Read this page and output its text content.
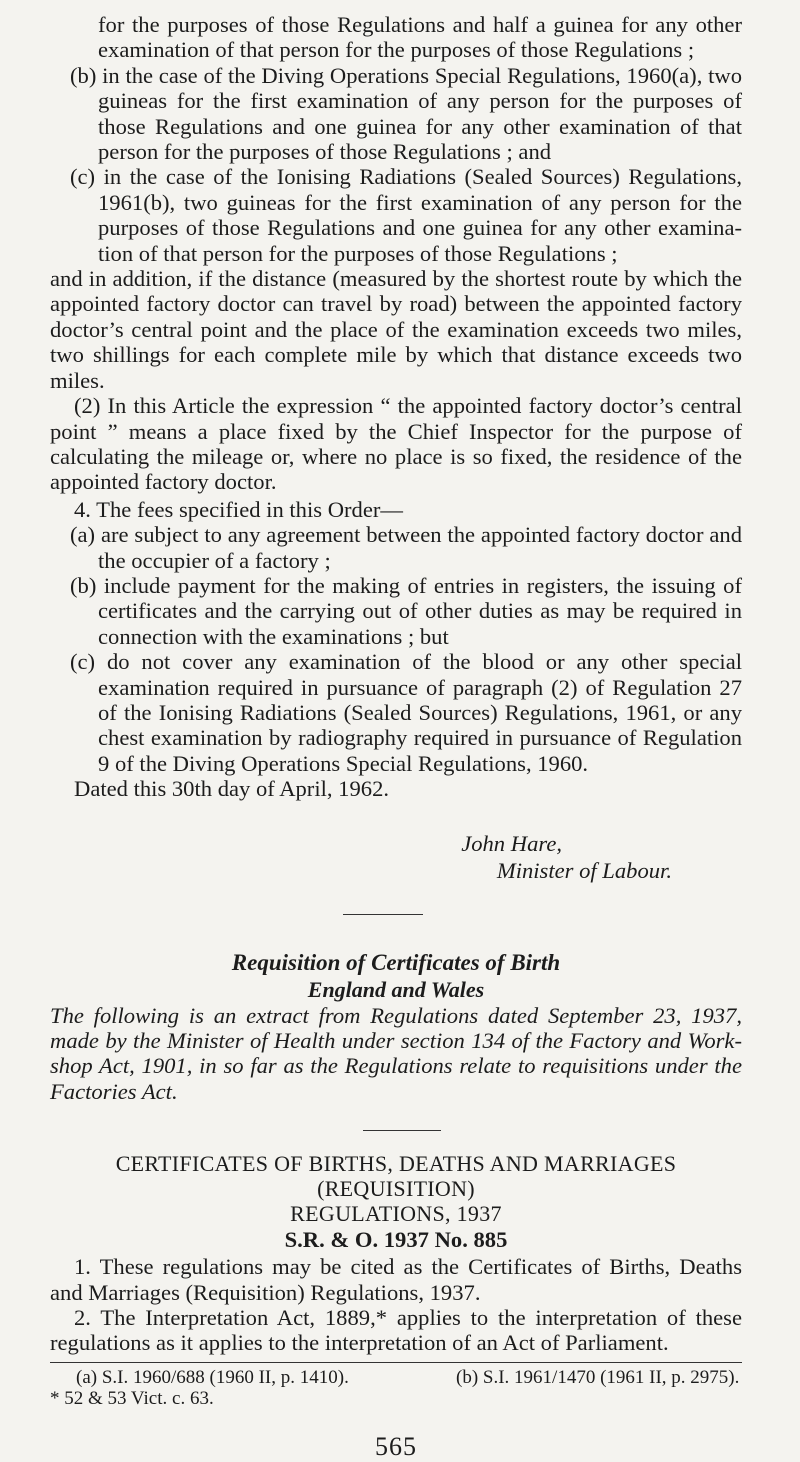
for the purposes of those Regulations and half a guinea for any other examination of that person for the purposes of those Regulations ;

(b) in the case of the Diving Operations Special Regulations, 1960(a), two guineas for the first examination of any person for the purposes of those Regulations and one guinea for any other examination of that person for the purposes of those Regulations ; and

(c) in the case of the Ionising Radiations (Sealed Sources) Regulations, 1961(b), two guineas for the first examination of any person for the purposes of those Regulations and one guinea for any other examina-tion of that person for the purposes of those Regulations ;

and in addition, if the distance (measured by the shortest route by which the appointed factory doctor can travel by road) between the appointed factory doctor’s central point and the place of the examination exceeds two miles, two shillings for each complete mile by which that distance exceeds two miles.

(2) In this Article the expression “ the appointed factory doctor’s central point ” means a place fixed by the Chief Inspector for the purpose of calculating the mileage or, where no place is so fixed, the residence of the appointed factory doctor.

4. The fees specified in this Order—

(a) are subject to any agreement between the appointed factory doctor and the occupier of a factory ;

(b) include payment for the making of entries in registers, the issuing of certificates and the carrying out of other duties as may be required in connection with the examinations ; but

(c) do not cover any examination of the blood or any other special examination required in pursuance of paragraph (2) of Regulation 27 of the Ionising Radiations (Sealed Sources) Regulations, 1961, or any chest examination by radiography required in pursuance of Regulation 9 of the Diving Operations Special Regulations, 1960.

Dated this 30th day of April, 1962.

John Hare,
Minister of Labour.
Requisition of Certificates of Birth
England and Wales

The following is an extract from Regulations dated September 23, 1937, made by the Minister of Health under section 134 of the Factory and Work-shop Act, 1901, in so far as the Regulations relate to requisitions under the Factories Act.

CERTIFICATES OF BIRTHS, DEATHS AND MARRIAGES (REQUISITION)
REGULATIONS, 1937
S.R. & O. 1937 No. 885

1. These regulations may be cited as the Certificates of Births, Deaths and Marriages (Requisition) Regulations, 1937.

2. The Interpretation Act, 1889,* applies to the interpretation of these regulations as it applies to the interpretation of an Act of Parliament.

(a) S.I. 1960/688 (1960 II, p. 1410).	(b) S.I. 1961/1470 (1961 II, p. 2975).
* 52 & 53 Vict. c. 63.
565
